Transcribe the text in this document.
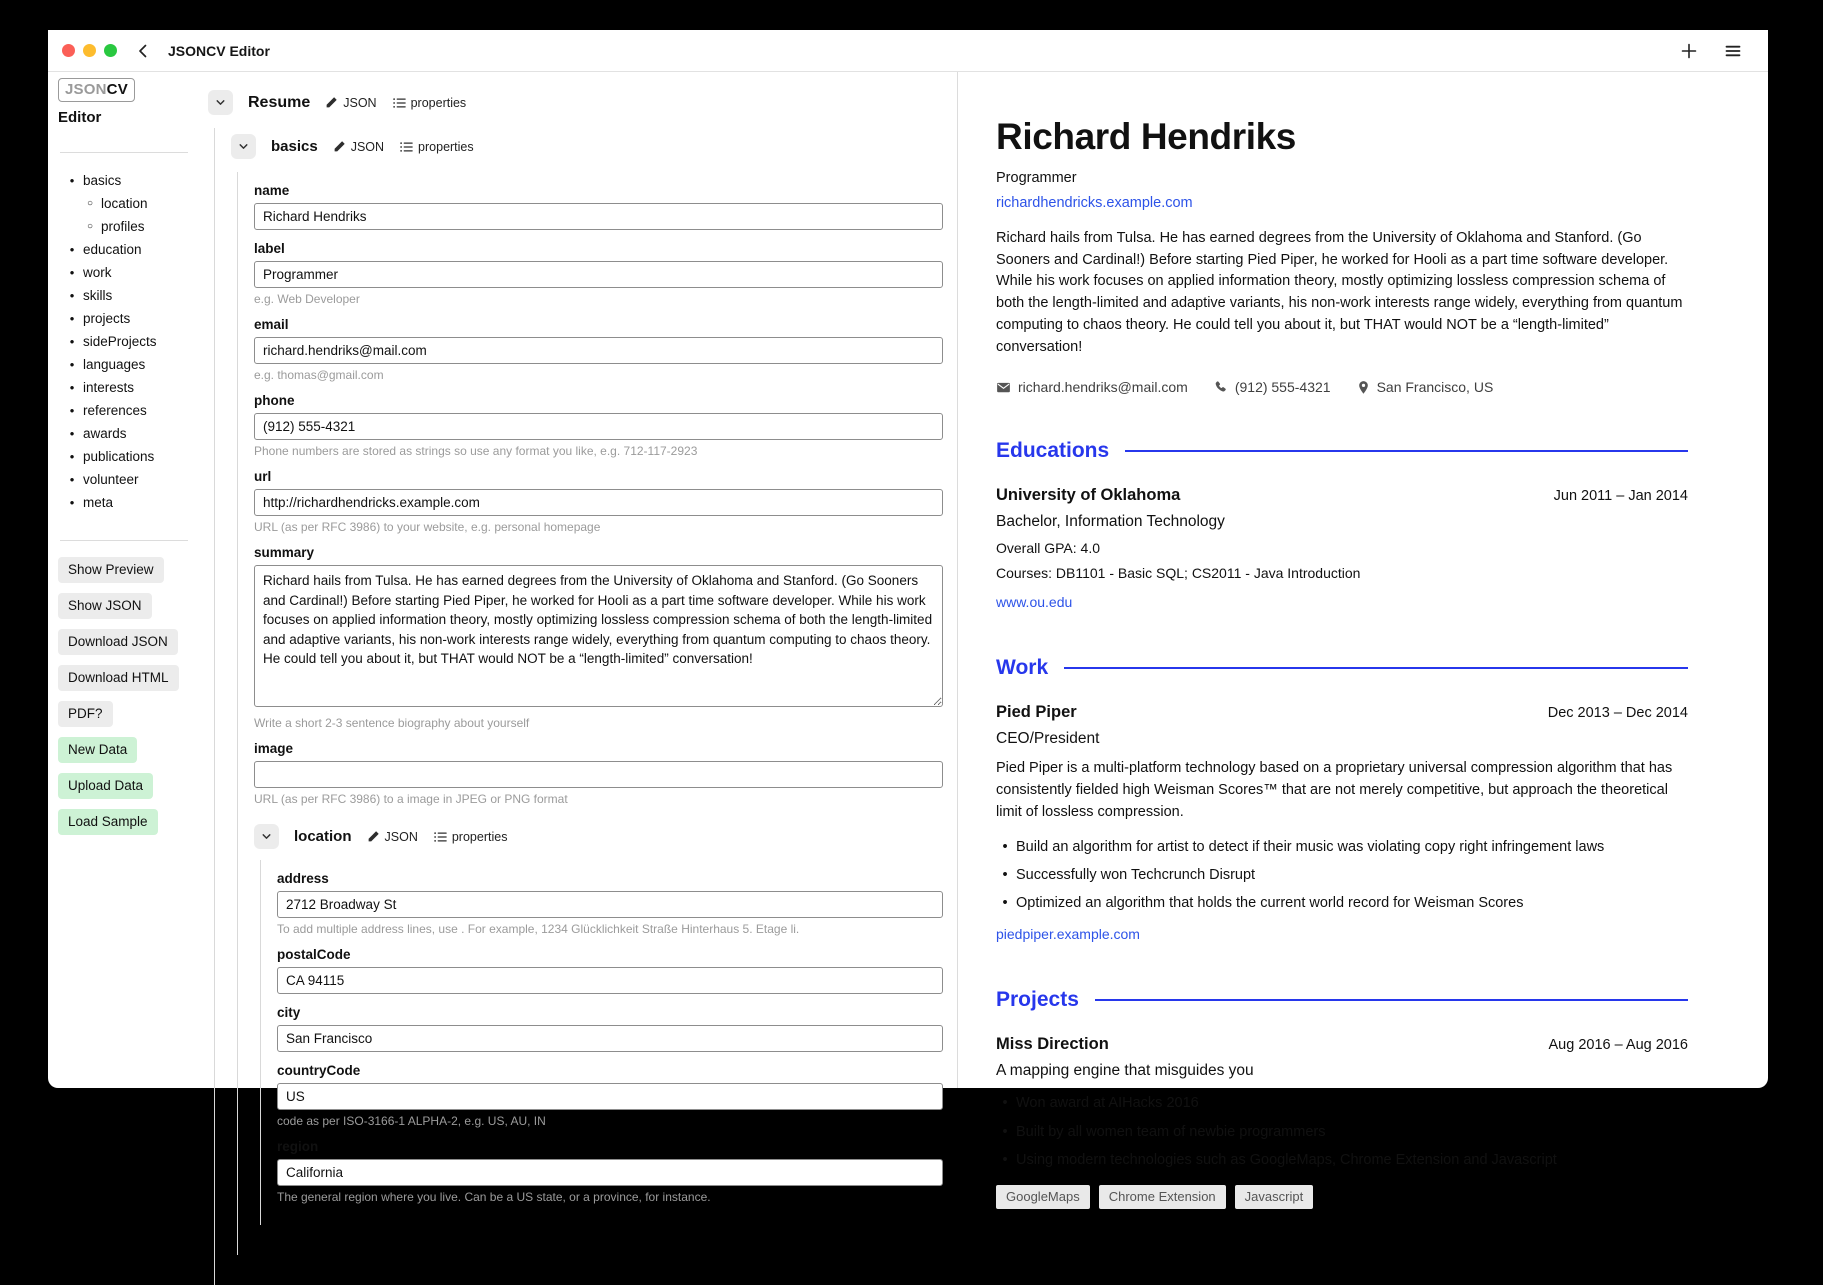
JSONCV Editor
JSONCV
Editor
• basics
○ location
○ profiles
• education
• work
• skills
• projects
• sideProjects
• languages
• interests
• references
• awards
• publications
• volunteer
• meta
Show Preview
Show JSON
Download JSON
Download HTML
PDF?
New Data
Upload Data
Load Sample
Resume	JSON	properties
basics	JSON	properties
name
Richard Hendriks
label
Programmer
e.g. Web Developer
email
richard.hendriks@mail.com
e.g. thomas@gmail.com
phone
(912) 555-4321
Phone numbers are stored as strings so use any format you like, e.g. 712-117-2923
url
http://richardhendricks.example.com
URL (as per RFC 3986) to your website, e.g. personal homepage
summary
Richard hails from Tulsa. He has earned degrees from the University of Oklahoma and Stanford. (Go Sooners and Cardinal!) Before starting Pied Piper, he worked for Hooli as a part time software developer. While his work focuses on applied information theory, mostly optimizing lossless compression schema of both the length-limited and adaptive variants, his non-work interests range widely, everything from quantum computing to chaos theory. He could tell you about it, but THAT would NOT be a “length-limited” conversation!
Write a short 2-3 sentence biography about yourself
image
URL (as per RFC 3986) to a image in JPEG or PNG format
location	JSON	properties
address
2712 Broadway St
To add multiple address lines, use . For example, 1234 Glücklichkeit Straße Hinterhaus 5. Etage li.
postalCode
CA 94115
city
San Francisco
countryCode
US
code as per ISO-3166-1 ALPHA-2, e.g. US, AU, IN
region
California
The general region where you live. Can be a US state, or a province, for instance.
Richard Hendriks
Programmer
richardhendricks.example.com
Richard hails from Tulsa. He has earned degrees from the University of Oklahoma and Stanford. (Go Sooners and Cardinal!) Before starting Pied Piper, he worked for Hooli as a part time software developer. While his work focuses on applied information theory, mostly optimizing lossless compression schema of both the length-limited and adaptive variants, his non-work interests range widely, everything from quantum computing to chaos theory. He could tell you about it, but THAT would NOT be a “length-limited” conversation!
richard.hendriks@mail.com	(912) 555-4321	San Francisco, US
Educations
University of Oklahoma	Jun 2011 – Jan 2014
Bachelor, Information Technology
Overall GPA: 4.0
Courses: DB1101 - Basic SQL; CS2011 - Java Introduction
www.ou.edu
Work
Pied Piper	Dec 2013 – Dec 2014
CEO/President
Pied Piper is a multi-platform technology based on a proprietary universal compression algorithm that has consistently fielded high Weisman Scores™ that are not merely competitive, but approach the theoretical limit of lossless compression.
• Build an algorithm for artist to detect if their music was violating copy right infringement laws
• Successfully won Techcrunch Disrupt
• Optimized an algorithm that holds the current world record for Weisman Scores
piedpiper.example.com
Projects
Miss Direction	Aug 2016 – Aug 2016
A mapping engine that misguides you
• Won award at AIHacks 2016
• Built by all women team of newbie programmers
• Using modern technologies such as GoogleMaps, Chrome Extension and Javascript
GoogleMaps	Chrome Extension	Javascript
